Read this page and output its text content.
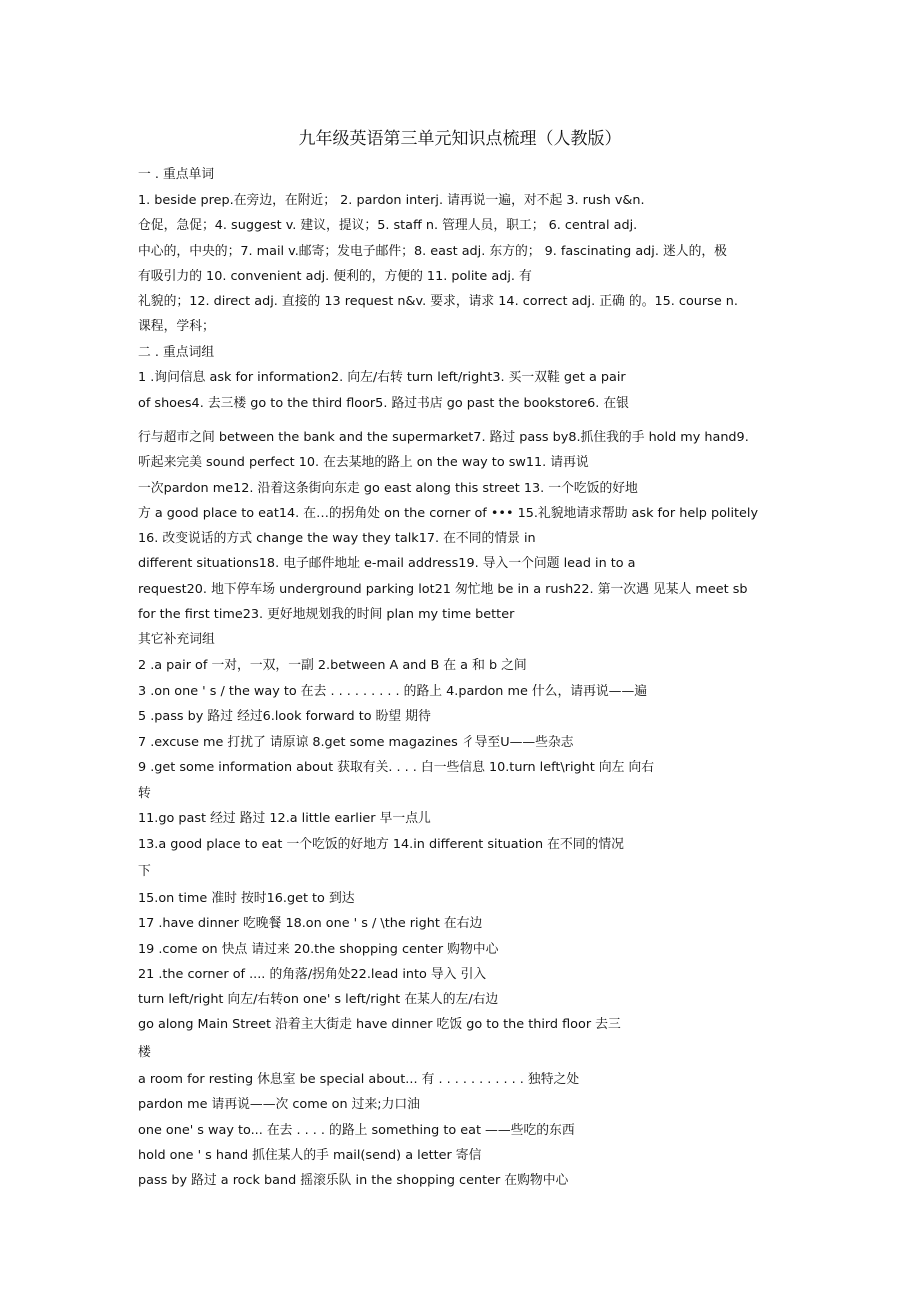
九年级英语第三单元知识点梳理（人教版）
一 . 重点单词
1. beside prep.在旁边，在附近； 2. pardon interj. 请再说一遍，对不起 3. rush v&n.
仓促，急促；4. suggest v. 建议，提议；5. staff n. 管理人员，职工； 6. central adj.
中心的，中央的；7. mail v.邮寄；发电子邮件；8. east adj. 东方的； 9. fascinating adj. 迷人的，极
有吸引力的 10. convenient adj. 便利的，方便的 11. polite adj. 有
礼貌的；12. direct adj. 直接的 13 request n&v. 要求，请求 14. correct adj. 正确 的。15. course n.
课程，学科；
二 . 重点词组
1 .询问信息 ask for information2. 向左/右转 turn left/right3. 买一双鞋 get a pair
of shoes4. 去三楼 go to the third floor5. 路过书店 go past the bookstore6. 在银
行与超市之间 between the bank and the supermarket7. 路过 pass by8.抓住我的手 hold my hand9.
听起来完美 sound perfect 10. 在去某地的路上 on the way to sw11. 请再说
一次pardon me12. 沿着这条街向东走 go east along this street 13. 一个吃饭的好地
方 a good place to eat14. 在…的拐角处 on the corner of ••• 15.礼貌地请求帮助 ask for help politely
16. 改变说话的方式 change the way they talk17. 在不同的情景 in
different situations18. 电子邮件地址 e-mail address19. 导入一个问题 lead in to a
request20. 地下停车场 underground parking lot21 匆忙地 be in a rush22. 第一次遇 见某人 meet sb
for the first time23. 更好地规划我的时间 plan my time better
其它补充词组
2 .a pair of 一对，一双，一副 2.between A and B 在 a 和 b 之间
3 .on one ' s / the way to 在去 . . . . . . . . . 的路上 4.pardon me 什么，请再说——遍
5 .pass by 路过 经过6.look forward to 盼望 期待
7 .excuse me 打扰了 请原谅 8.get some magazines 彳导至U——些杂志
9 .get some information about 获取有关. . . . 白一些信息 10.turn left\right 向左 向右
转
11.go past 经过 路过 12.a little earlier 早一点儿
13.a good place to eat 一个吃饭的好地方 14.in different situation 在不同的情况
下
15.on time 准时 按时16.get to 到达
17 .have dinner 吃晚餐 18.on one ' s / \the right 在右边
19 .come on 快点 请过来 20.the shopping center 购物中心
21 .the corner of .... 的角落/拐角处22.lead into 导入 引入
turn left/right 向左/右转on one' s left/right 在某人的左/右边
go along Main Street 沿着主大街走 have dinner 吃饭 go to the third floor 去三
楼
a room for resting 休息室 be special about... 有 . . . . . . . . . . . 独特之处
pardon me 请再说——次 come on 过来;力口油
one one' s way to... 在去 . . . . 的路上 something to eat ——些吃的东西
hold one ' s hand 抓住某人的手 mail(send) a letter 寄信
pass by 路过 a rock band 摇滚乐队 in the shopping center 在购物中心
